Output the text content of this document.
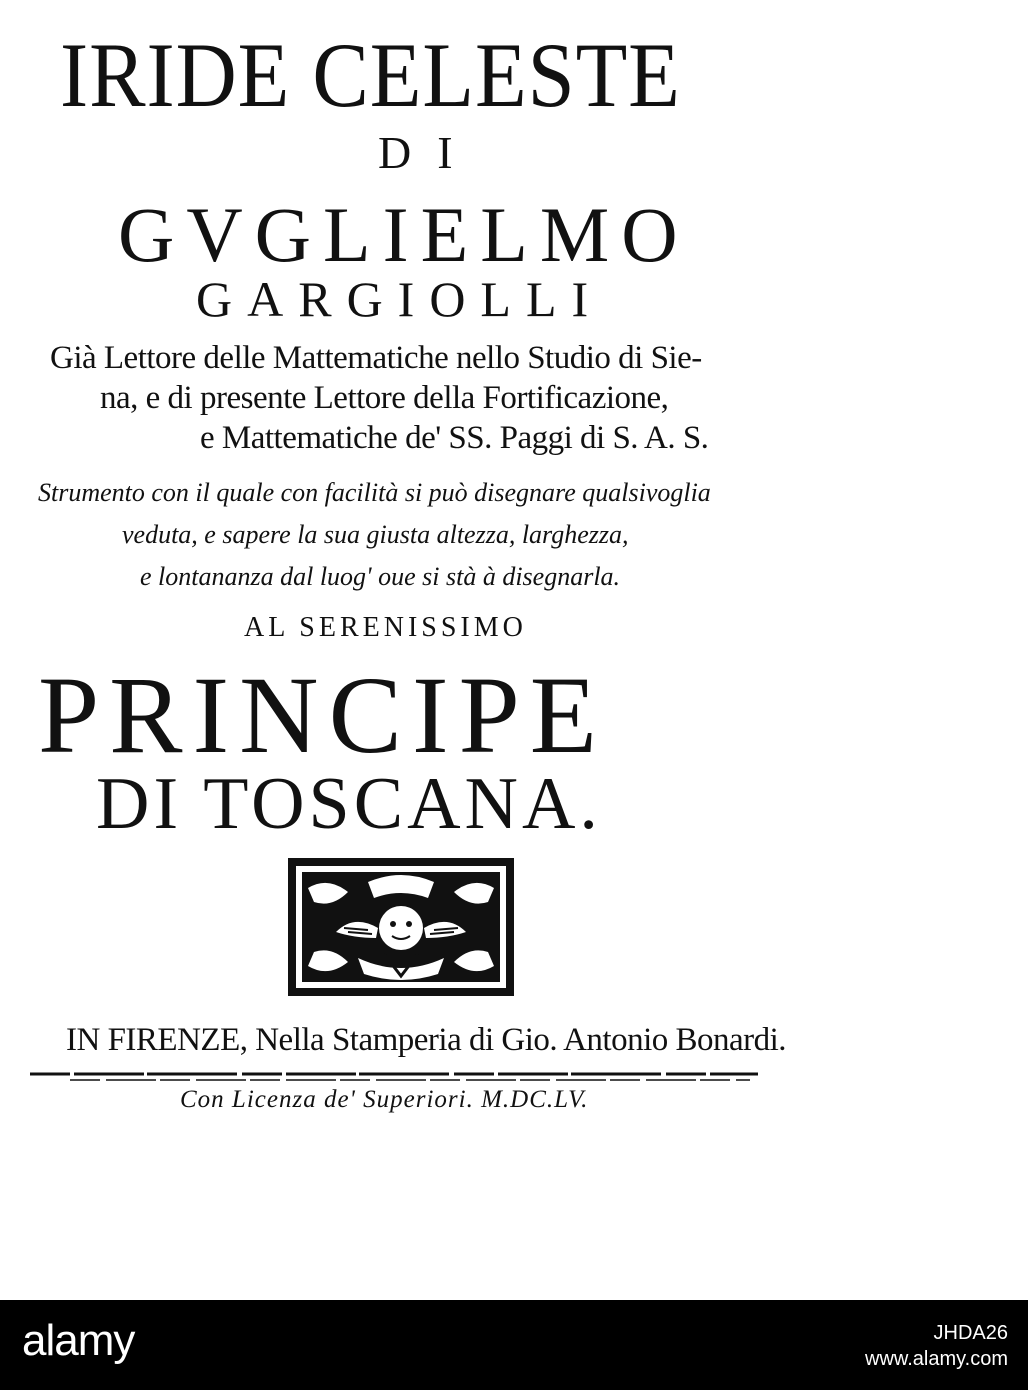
IRIDE CELESTE
DI
GVGLIELMO
GARGIOLLI
Già Lettore delle Mattematiche nello Studio di Sie-
na, e di presente Lettore della Fortificazione,
e Mattematiche de' SS. Paggi di S. A. S.
Strumento con il quale con facilità si può disegnare qualsivoglia
veduta, e sapere la sua giusta altezza, larghezza,
e lontananza dal luog' oue si stà à disegnarla.
AL SERENISSIMO
PRINCIPE
DI TOSCANA.
IN FIRENZE, Nella Stamperia di Gio. Antonio Bonardi.
Con Licenza de' Superiori. M.DC.LV.
alamy	JHDA26
www.alamy.com
